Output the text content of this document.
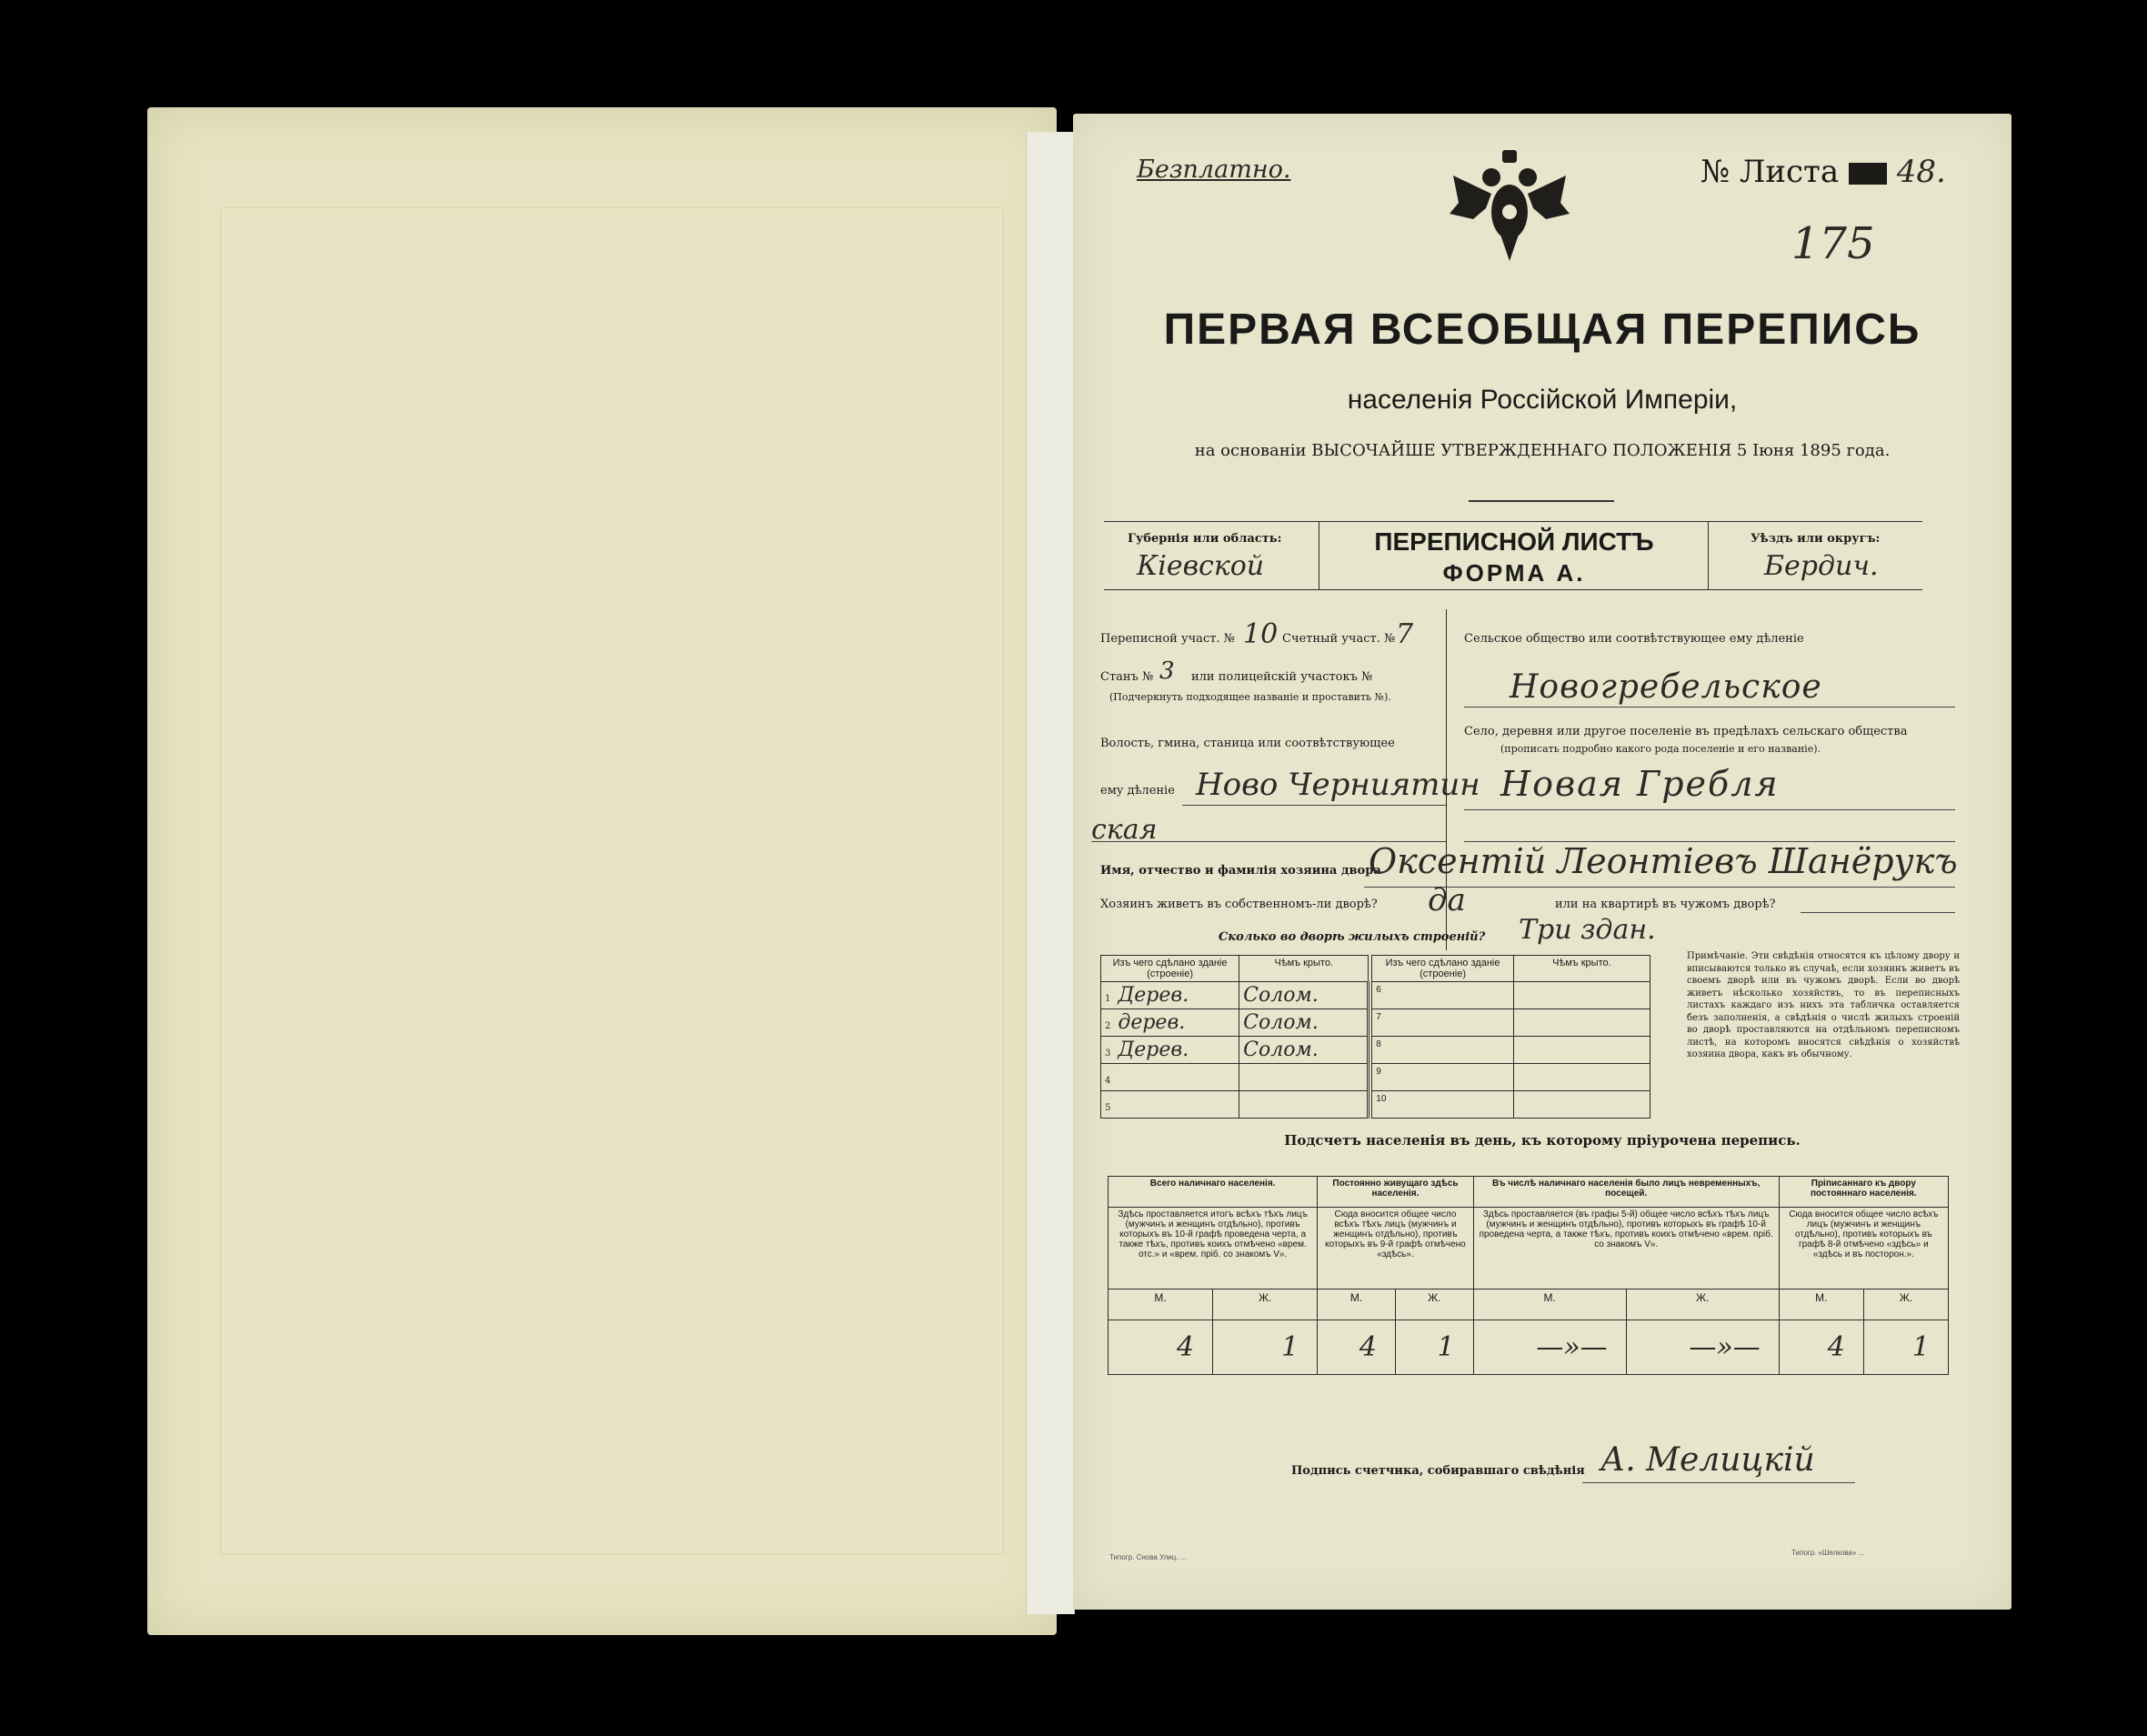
Безплатно.	№ Листа 48.
175
ПЕРВАЯ ВСЕОБЩАЯ ПЕРЕПИСЬ
населенія Россійской Имперіи,
на основаніи ВЫСОЧАЙШЕ УТВЕРЖДЕННАГО ПОЛОЖЕНІЯ 5 Іюня 1895 года.
Губернія или область:
Кіевской
ПЕРЕПИСНОЙ ЛИСТЪ
ФОРМА А.
Уѣздъ или округъ:
Бердич.
Переписной участ. № 10 Счетный участ. № 7
Станъ № 3 или полицейскій участокъ №
(Подчеркнуть подходящее названіе и проставить №).
Волость, гмина, станица или соотвѣтствующее
ему дѣленіе Ново Черниятин
ская
Сельское общество или соотвѣтствующее ему дѣленіе
Новогребельское
Село, деревня или другое поселеніе въ предѣлахъ сельскаго общества
(прописать подробно какого рода поселеніе и его названіе).
Новая Гребля
Имя, отчество и фамилія хозяина двора
Оксентій Леонтіевъ Шанёрукъ
Хозяинъ живетъ въ собственномъ-ли дворѣ? да	или на квартирѣ въ чужомъ дворѣ?
Сколько во дворѣ жилыхъ строеній? Три здан.
Изъ чего сдѣлано зданіе (строеніе)	Чѣмъ крыто.		Изъ чего сдѣлано зданіе (строеніе)	Чѣмъ крыто.
1 Дерев.	Солом.		6	
2 дерев.	Солом.		7	
3 Дерев.	Солом.		8	
4			9	
5			10	
Примѣчаніе. Эти свѣдѣнія относятся къ цѣлому двору и вписываются только въ случаѣ, если хозяинъ живетъ въ своемъ дворѣ или въ чужомъ дворѣ. Если во дворѣ живетъ нѣсколько хозяйствъ, то въ переписныхъ листахъ каждаго изъ нихъ эта табличка оставляется безъ заполненія, а свѣдѣнія о числѣ жилыхъ строеній во дворѣ проставляются на отдѣльномъ переписномъ листѣ, на которомъ вносятся свѣдѣнія о хозяйствѣ хозяина двора, какъ въ обычному.
Подсчетъ населенія въ день, къ которому пріурочена перепись.
Всего наличнаго населенія.		Постоянно живущаго здѣсь населенія.		Въ числѣ наличнаго населенія было лицъ невременныхъ, посещей.		Пріписаннаго къ двору постояннаго населенія.	
Здѣсь проставляется итогъ всѣхъ тѣхъ лицъ (мужчинъ и женщинъ отдѣльно), противъ которыхъ въ 10-й графѣ проведена черта, а также тѣхъ, противъ коихъ отмѣчено «врем. отс.» и «врем. пріб. со знакомъ V».		Сюда вносится общее число всѣхъ тѣхъ лицъ (мужчинъ и женщинъ отдѣльно), противъ которыхъ въ 9-й графѣ отмѣчено «здѣсь».		Здѣсь проставляется (въ графы 5-й) общее число всѣхъ тѣхъ лицъ (мужчинъ и женщинъ отдѣльно), противъ которыхъ въ графѣ 10-й проведена черта, а также тѣхъ, противъ коихъ отмѣчено «врем. пріб. со знакомъ V».		Сюда вносится общее число всѣхъ лицъ (мужчинъ и женщинъ отдѣльно), противъ которыхъ въ графѣ 8-й отмѣчено «здѣсь» и «здѣсь и въ посторон.».	
М.	Ж.	М.	Ж.	М.	Ж.	М.	Ж.
4	1	4	1	—»—	—»—	4	1
Подпись счетчика, собиравшаго свѣдѣнія А. Мелицкій
Типогр. Снова Улиц. ...
Типогр. «Шелкова» ...
